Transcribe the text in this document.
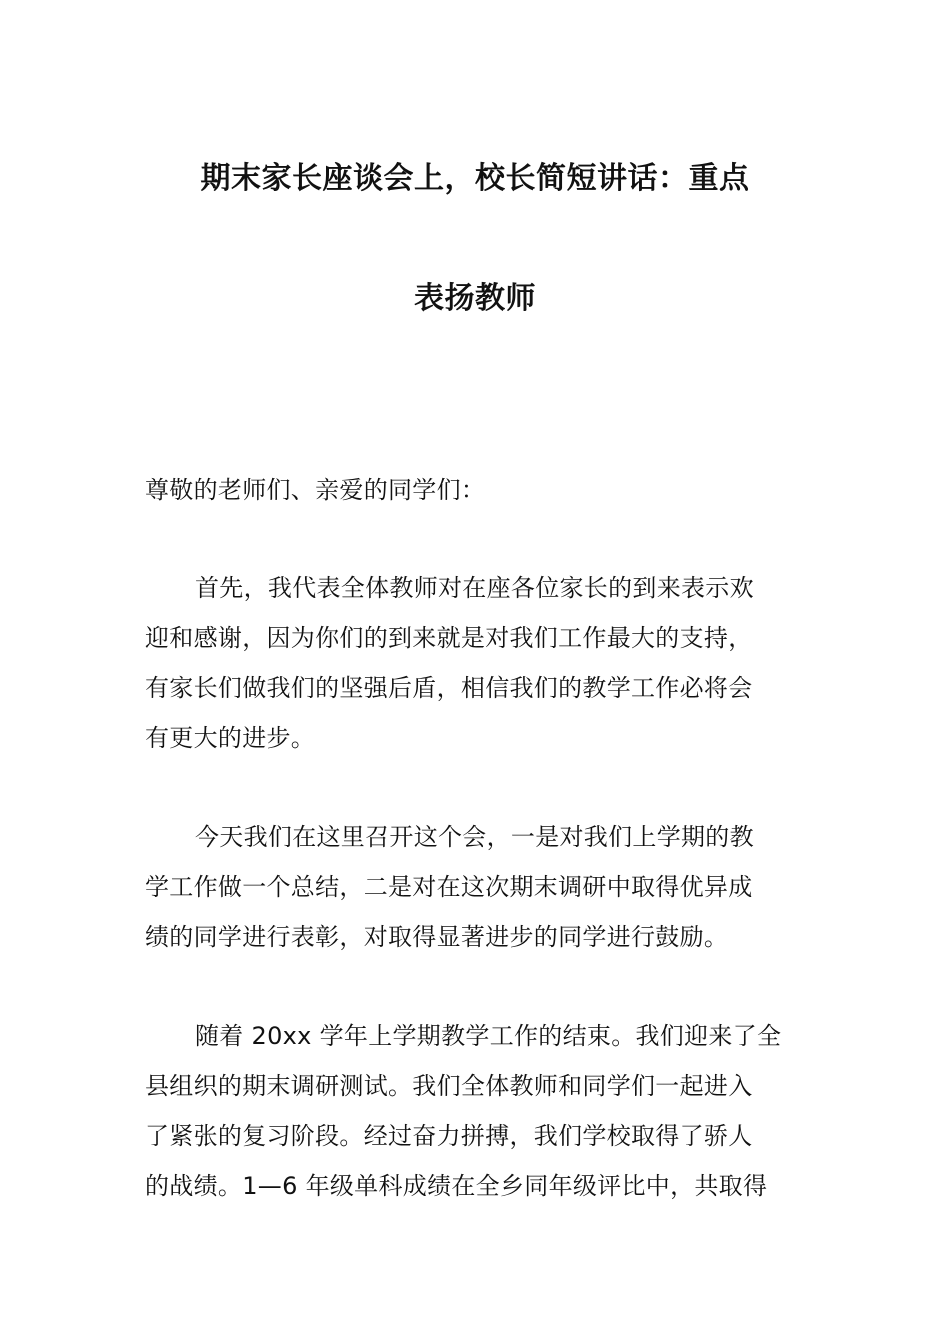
期末家长座谈会上，校长简短讲话：重点
表扬教师
尊敬的老师们、亲爱的同学们：
首先，我代表全体教师对在座各位家长的到来表示欢
迎和感谢，因为你们的到来就是对我们工作最大的支持，
有家长们做我们的坚强后盾，相信我们的教学工作必将会
有更大的进步。
今天我们在这里召开这个会，一是对我们上学期的教
学工作做一个总结，二是对在这次期末调研中取得优异成
绩的同学进行表彰，对取得显著进步的同学进行鼓励。
随着 20xx 学年上学期教学工作的结束。我们迎来了全
县组织的期末调研测试。我们全体教师和同学们一起进入
了紧张的复习阶段。经过奋力拼搏，我们学校取得了骄人
的战绩。1—6 年级单科成绩在全乡同年级评比中，共取得
